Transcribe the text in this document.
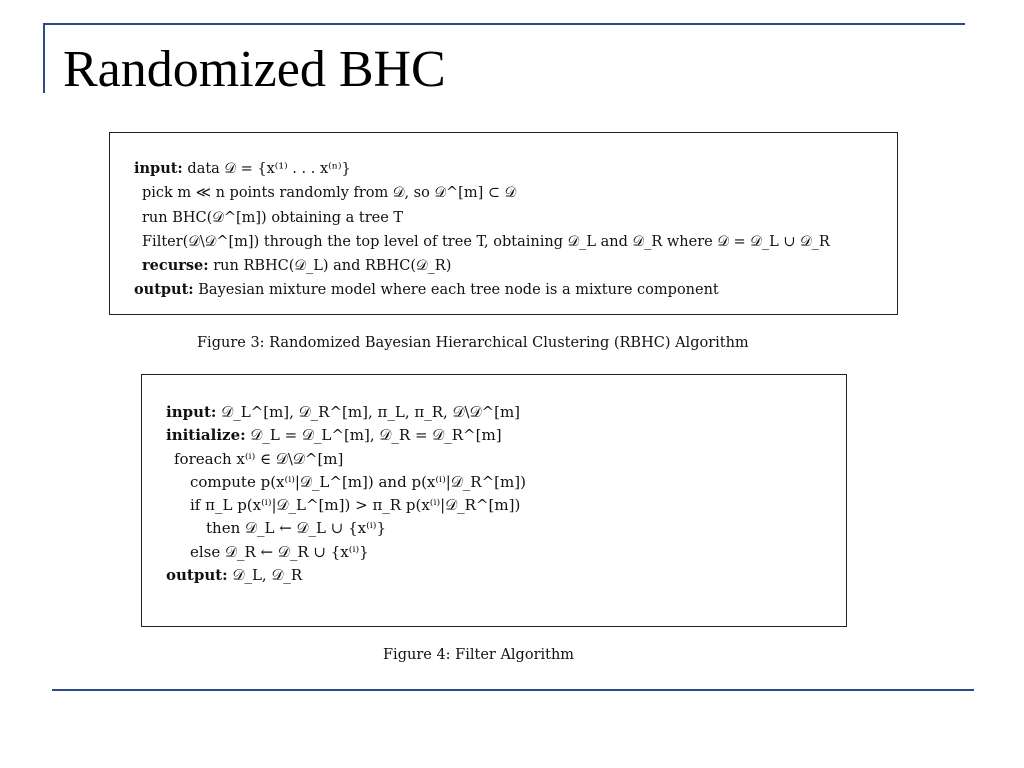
Randomized BHC
input: data 𝒟 = {x⁽¹⁾ . . . x⁽ⁿ⁾}
pick m ≪ n points randomly from 𝒟, so 𝒟^[m] ⊂ 𝒟
run BHC(𝒟^[m]) obtaining a tree T
Filter(𝒟\𝒟^[m]) through the top level of tree T, obtaining 𝒟_L and 𝒟_R where 𝒟 = 𝒟_L ∪ 𝒟_R
recurse: run RBHC(𝒟_L) and RBHC(𝒟_R)
output: Bayesian mixture model where each tree node is a mixture component

Figure 3: Randomized Bayesian Hierarchical Clustering (RBHC) Algorithm

input: 𝒟_L^[m], 𝒟_R^[m], π_L, π_R, 𝒟\𝒟^[m]
initialize: 𝒟_L = 𝒟_L^[m], 𝒟_R = 𝒟_R^[m]
foreach x⁽ⁱ⁾ ∈ 𝒟\𝒟^[m]
compute p(x⁽ⁱ⁾|𝒟_L^[m]) and p(x⁽ⁱ⁾|𝒟_R^[m])
if π_L p(x⁽ⁱ⁾|𝒟_L^[m]) > π_R p(x⁽ⁱ⁾|𝒟_R^[m])
then 𝒟_L ← 𝒟_L ∪ {x⁽ⁱ⁾}
else 𝒟_R ← 𝒟_R ∪ {x⁽ⁱ⁾}
output: 𝒟_L, 𝒟_R

Figure 4: Filter Algorithm
